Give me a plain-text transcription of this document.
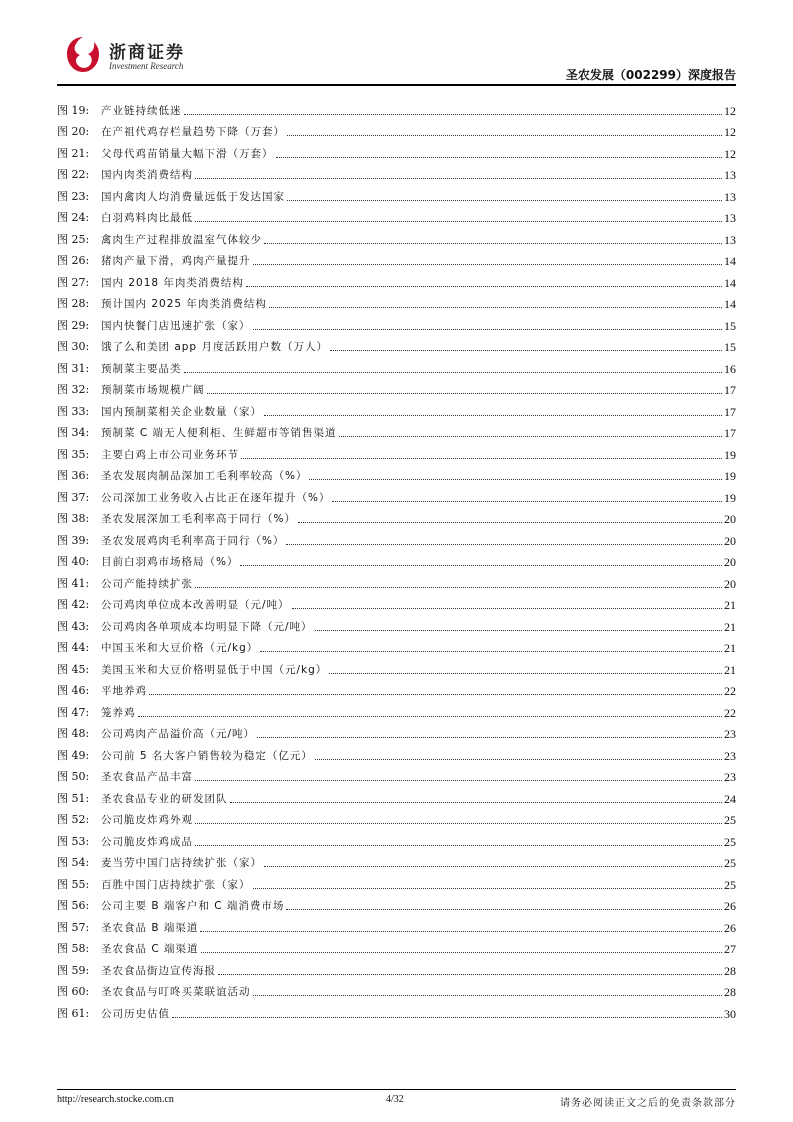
浙商证券
Investment Research
圣农发展（002299）深度报告
图 19:	产业链持续低迷	12
图 20:	在产祖代鸡存栏量趋势下降（万套）	12
图 21:	父母代鸡苗销量大幅下滑（万套）	12
图 22:	国内肉类消费结构	13
图 23:	国内禽肉人均消费量远低于发达国家	13
图 24:	白羽鸡料肉比最低	13
图 25:	禽肉生产过程排放温室气体较少	13
图 26:	猪肉产量下滑，鸡肉产量提升	14
图 27:	国内 2018 年肉类消费结构	14
图 28:	预计国内 2025 年肉类消费结构	14
图 29:	国内快餐门店迅速扩张（家）	15
图 30:	饿了么和美团 app 月度活跃用户数（万人）	15
图 31:	预制菜主要品类	16
图 32:	预制菜市场规模广阔	17
图 33:	国内预制菜相关企业数量（家）	17
图 34:	预制菜 C 端无人便利柜、生鲜超市等销售渠道	17
图 35:	主要白鸡上市公司业务环节	19
图 36:	圣农发展肉制品深加工毛利率较高（%）	19
图 37:	公司深加工业务收入占比正在逐年提升（%）	19
图 38:	圣农发展深加工毛利率高于同行（%）	20
图 39:	圣农发展鸡肉毛利率高于同行（%）	20
图 40:	目前白羽鸡市场格局（%）	20
图 41:	公司产能持续扩张	20
图 42:	公司鸡肉单位成本改善明显（元/吨）	21
图 43:	公司鸡肉各单项成本均明显下降（元/吨）	21
图 44:	中国玉米和大豆价格（元/kg）	21
图 45:	美国玉米和大豆价格明显低于中国（元/kg）	21
图 46:	平地养鸡	22
图 47:	笼养鸡	22
图 48:	公司鸡肉产品溢价高（元/吨）	23
图 49:	公司前 5 名大客户销售较为稳定（亿元）	23
图 50:	圣农食品产品丰富	23
图 51:	圣农食品专业的研发团队	24
图 52:	公司脆皮炸鸡外观	25
图 53:	公司脆皮炸鸡成品	25
图 54:	麦当劳中国门店持续扩张（家）	25
图 55:	百胜中国门店持续扩张（家）	25
图 56:	公司主要 B 端客户和 C 端消费市场	26
图 57:	圣农食品 B 端渠道	26
图 58:	圣农食品 C 端渠道	27
图 59:	圣农食品街边宣传海报	28
图 60:	圣农食品与叮咚买菜联谊活动	28
图 61:	公司历史估值	30
http://research.stocke.com.cn	4/32	请务必阅读正文之后的免责条款部分
